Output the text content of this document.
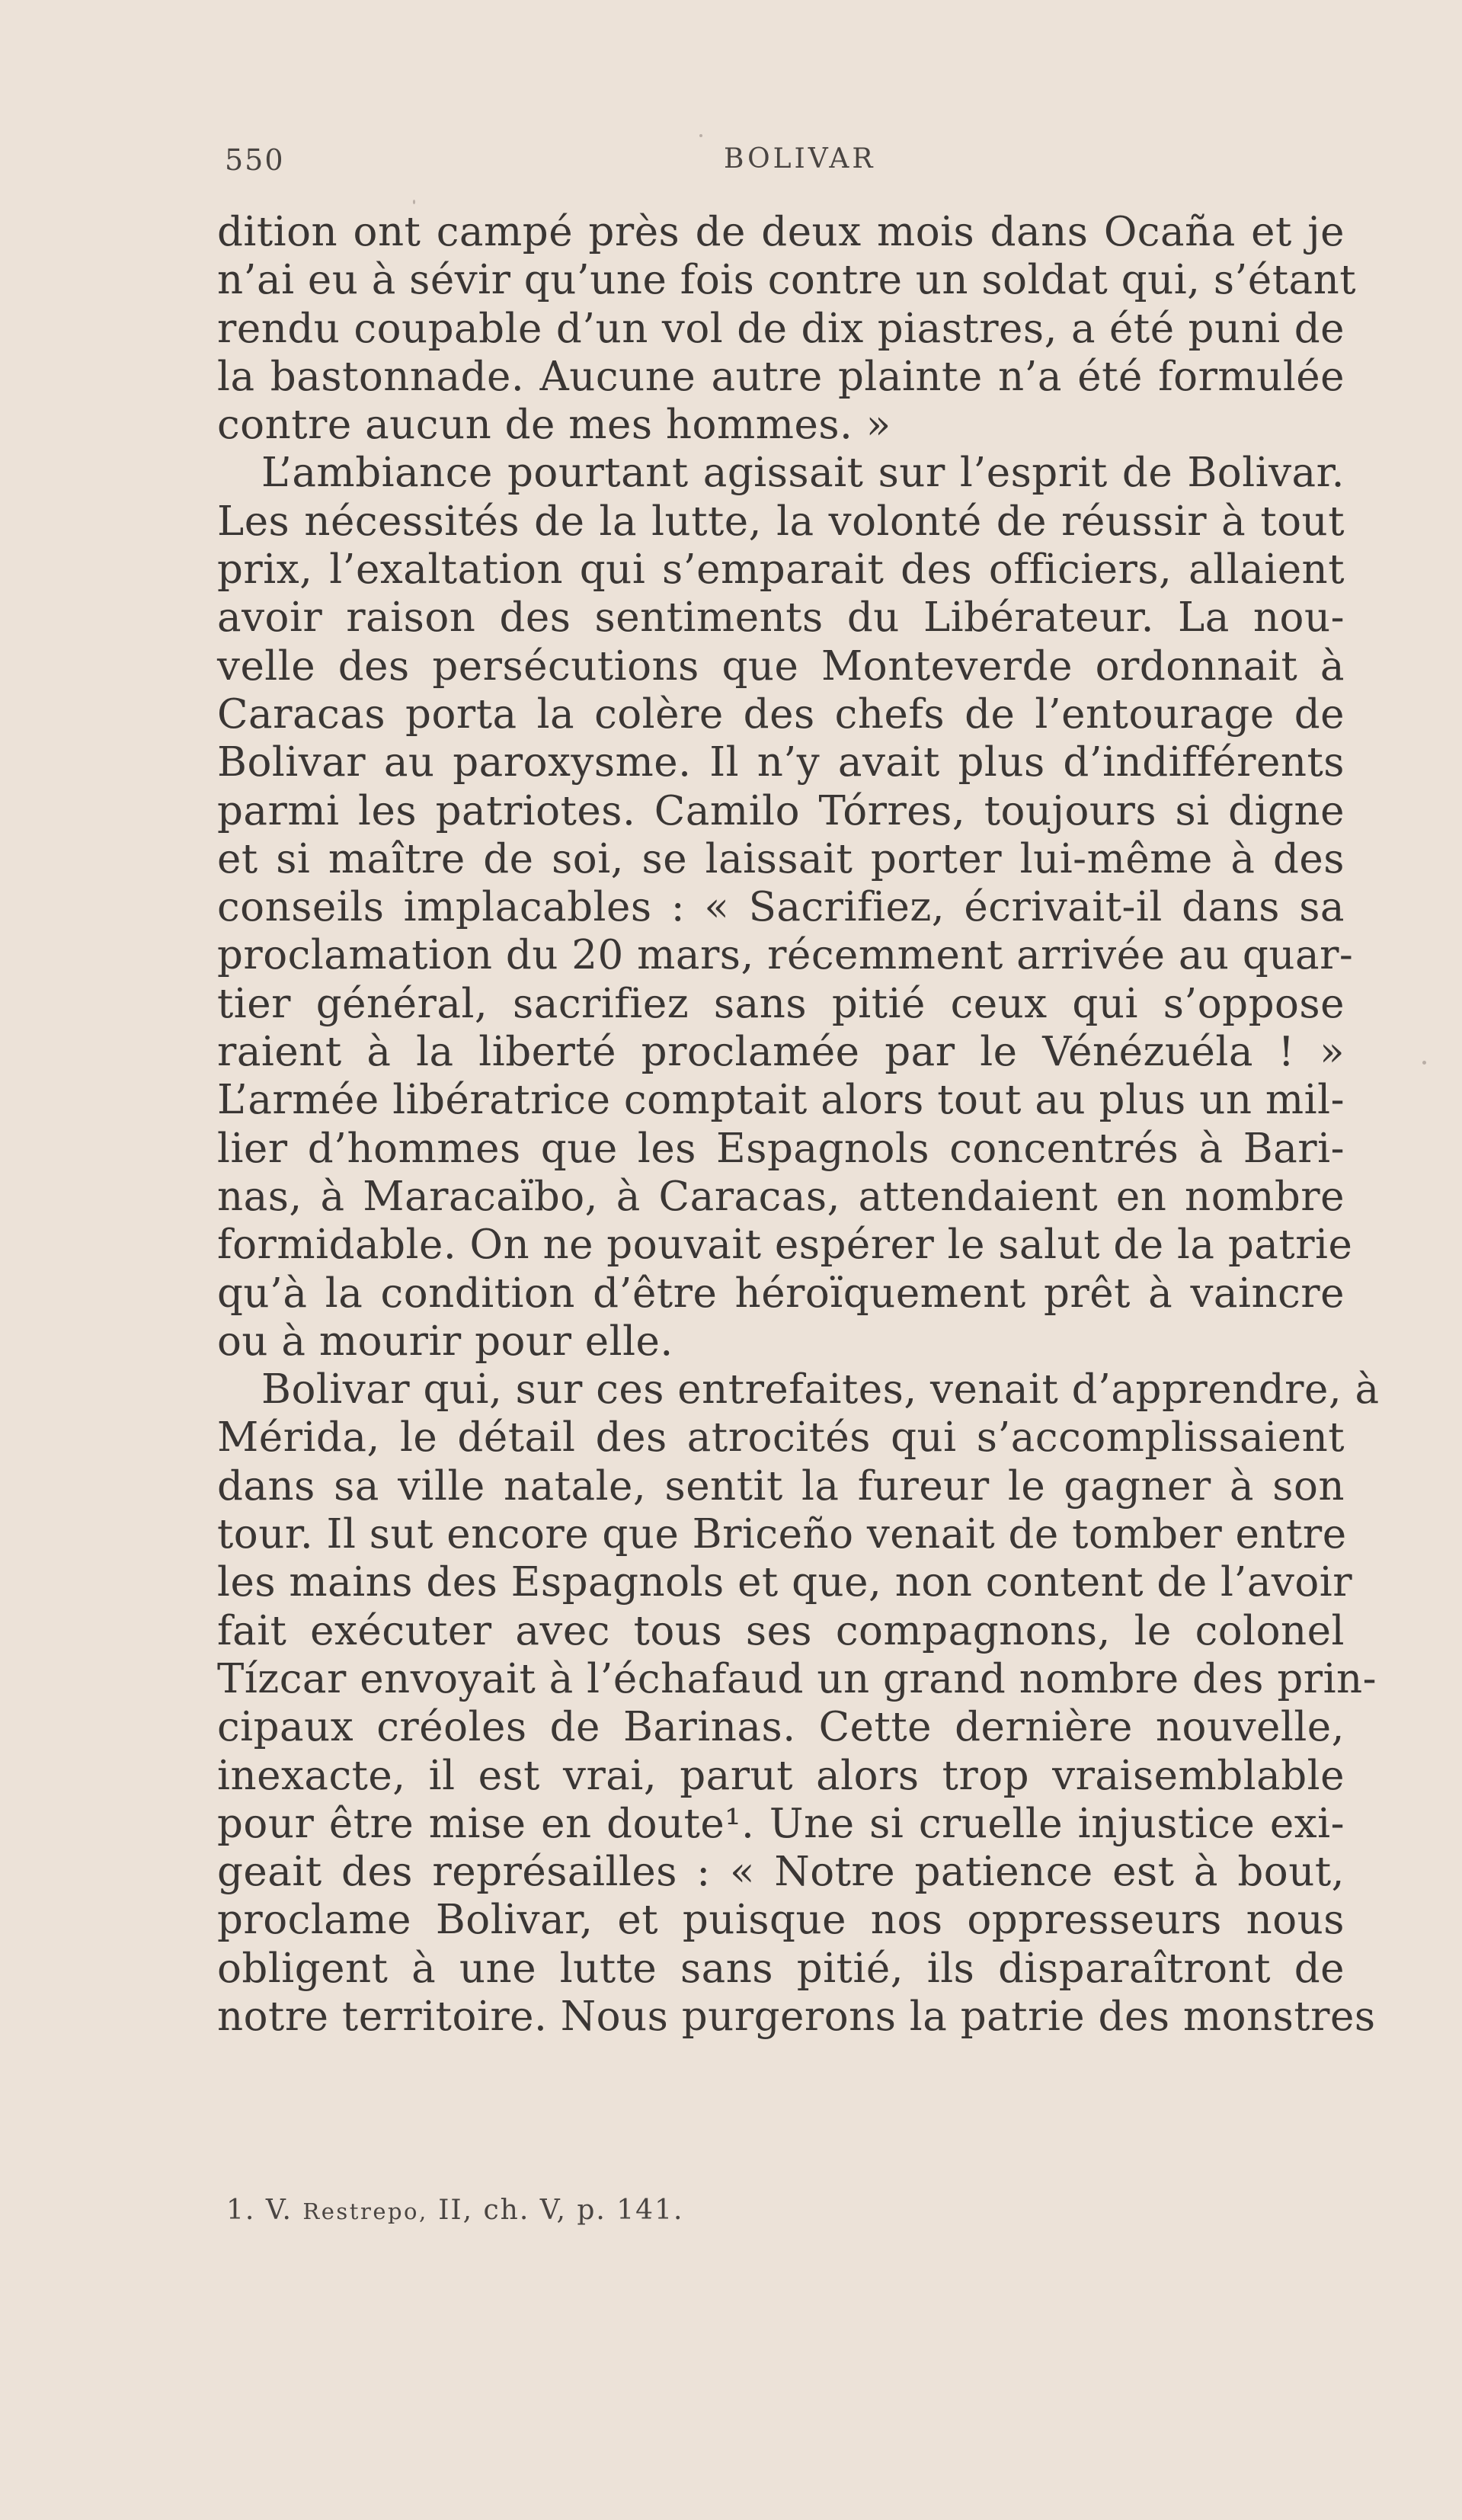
550	BOLIVAR
dition ont campé près de deux mois dans Ocaña et je
n’ai eu à sévir qu’une fois contre un soldat qui, s’étant
rendu coupable d’un vol de dix piastres, a été puni de
la bastonnade. Aucune autre plainte n’a été formulée
contre aucun de mes hommes. »
L’ambiance pourtant agissait sur l’esprit de Bolivar.
Les nécessités de la lutte, la volonté de réussir à tout
prix, l’exaltation qui s’emparait des officiers, allaient
avoir raison des sentiments du Libérateur. La nou-
velle des persécutions que Monteverde ordonnait à
Caracas porta la colère des chefs de l’entourage de
Bolivar au paroxysme. Il n’y avait plus d’indifférents
parmi les patriotes. Camilo Tórres, toujours si digne
et si maître de soi, se laissait porter lui-même à des
conseils implacables : « Sacrifiez, écrivait-il dans sa
proclamation du 20 mars, récemment arrivée au quar-
tier général, sacrifiez sans pitié ceux qui s’oppose
raient à la liberté proclamée par le Vénézuéla ! »
L’armée libératrice comptait alors tout au plus un mil-
lier d’hommes que les Espagnols concentrés à Bari-
nas, à Maracaïbo, à Caracas, attendaient en nombre
formidable. On ne pouvait espérer le salut de la patrie
qu’à la condition d’être héroïquement prêt à vaincre
ou à mourir pour elle.
Bolivar qui, sur ces entrefaites, venait d’apprendre, à
Mérida, le détail des atrocités qui s’accomplissaient
dans sa ville natale, sentit la fureur le gagner à son
tour. Il sut encore que Briceño venait de tomber entre
les mains des Espagnols et que, non content de l’avoir
fait exécuter avec tous ses compagnons, le colonel
Tízcar envoyait à l’échafaud un grand nombre des prin-
cipaux créoles de Barinas. Cette dernière nouvelle,
inexacte, il est vrai, parut alors trop vraisemblable
pour être mise en doute¹. Une si cruelle injustice exi-
geait des représailles : « Notre patience est à bout,
proclame Bolivar, et puisque nos oppresseurs nous
obligent à une lutte sans pitié, ils disparaîtront de
notre territoire. Nous purgerons la patrie des monstres
1. V. Restrepo, II, ch. V, p. 141.
